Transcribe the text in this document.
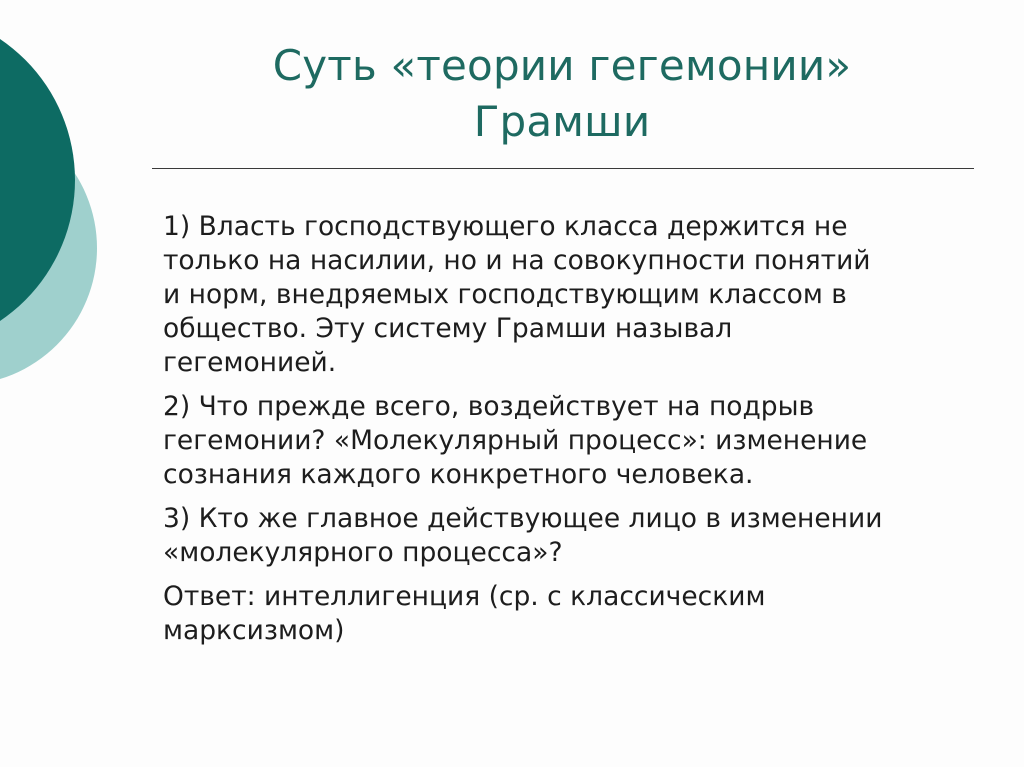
Суть «теории гегемонии»
Грамши
1) Власть господствующего класса держится не
только на насилии, но и на совокупности понятий
и норм, внедряемых господствующим классом в
общество. Эту систему Грамши называл
гегемонией.
2) Что прежде всего, воздействует на подрыв
гегемонии? «Молекулярный процесс»: изменение
сознания каждого конкретного человека.
3) Кто же главное действующее лицо в изменении
«молекулярного процесса»?
Ответ: интеллигенция (ср. с классическим
марксизмом)
